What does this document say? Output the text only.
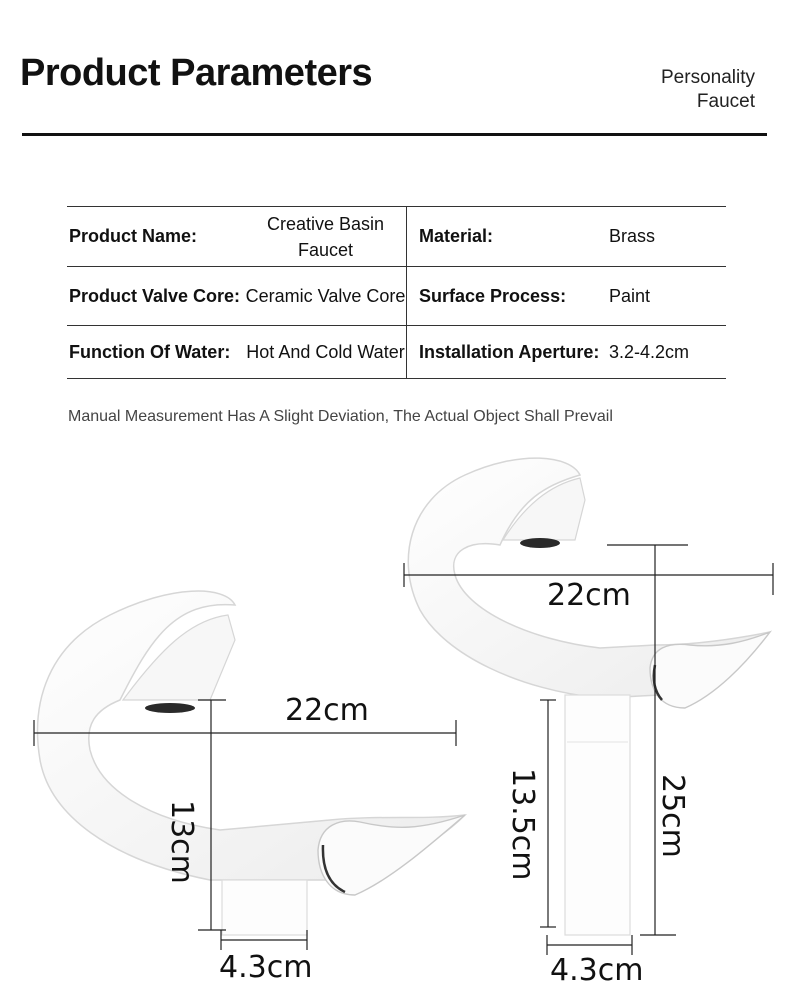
Product Parameters	Personality
Faucet
Product Name:	Creative Basin Faucet	Material:	Brass
Product Valve Core:	Ceramic Valve Core	Surface Process:	Paint
Function Of Water:	Hot And Cold Water	Installation Aperture:	3.2-4.2cm
Manual Measurement Has A Slight Deviation, The Actual Object Shall Prevail
22cm
13cm
4.3cm
22cm
13.5cm	25cm
4.3cm
